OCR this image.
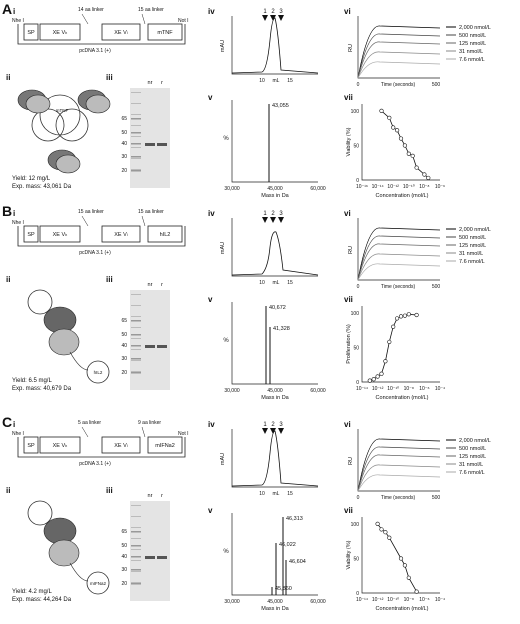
A i
ii	iii
iv
v
vi
vii
Nhe I	Not I
14 aa linker	15 aa linker
pcDNA 3.1 (+)
SP	XE Vₕ	XE Vₗ	mTNF
mTNF
Yield: 12 mg/L
Exp. mass: 43,061 Da
nr r
65
50
40
30
20
mAU
10	15
mL
1 2 3
%
30,000	45,000	60,000
Mass in Da
43,055
RU
0	500
Time (seconds)
2,000 nmol/L
500 nmol/L
125 nmol/L
31 nmol/L
7.6 nmol/L
Viability (%)
Concentration (mol/L)
0
50
100
10⁻¹⁶ 10⁻¹⁴ 10⁻¹² 10⁻¹⁰ 10⁻⁸ 10⁻⁶
B i
ii	iii
iv
v
vi
vii
Nhe I
15 aa linker	15 aa linker
pcDNA 3.1 (+)
SP	XE Vₕ	XE Vₗ	hIL2
hIL2
Yield: 6.5 mg/L
Exp. mass: 40,679 Da
nr r
65
50
40
30
20
mAU
10	15
mL
1 2 3
%
30,000	45,000	60,000
Mass in Da
40,672
41,328
RU
0	500
Time (seconds)
2,000 nmol/L
500 nmol/L
125 nmol/L
31 nmol/L
7.6 nmol/L
Proliferation (%)
Concentration (mol/L)
0
50
100
10⁻¹⁴ 10⁻¹² 10⁻¹⁰ 10⁻⁸ 10⁻⁶ 10⁻⁴
C i
ii	iii
iv
v
vi
vii
Nhe I	Not I
5 aa linker	9 aa linker
pcDNA 3.1 (+)
SP	XE Vₕ	XE Vₗ	mIFNa2
mIFNa2
Yield: 4.2 mg/L
Exp. mass: 44,264 Da
nr r
65
50
40
30
20
mAU
10	15
mL
1 2 3
%
30,000	45,000	60,000
Mass in Da
46,313
46,022
46,604
45,860
RU
0	500
Time (seconds)
2,000 nmol/L
500 nmol/L
125 nmol/L
31 nmol/L
7.6 nmol/L
Viability (%)
Concentration (mol/L)
0
50
100
10⁻¹⁴ 10⁻¹² 10⁻¹⁰ 10⁻⁸ 10⁻⁶ 10⁻⁴
